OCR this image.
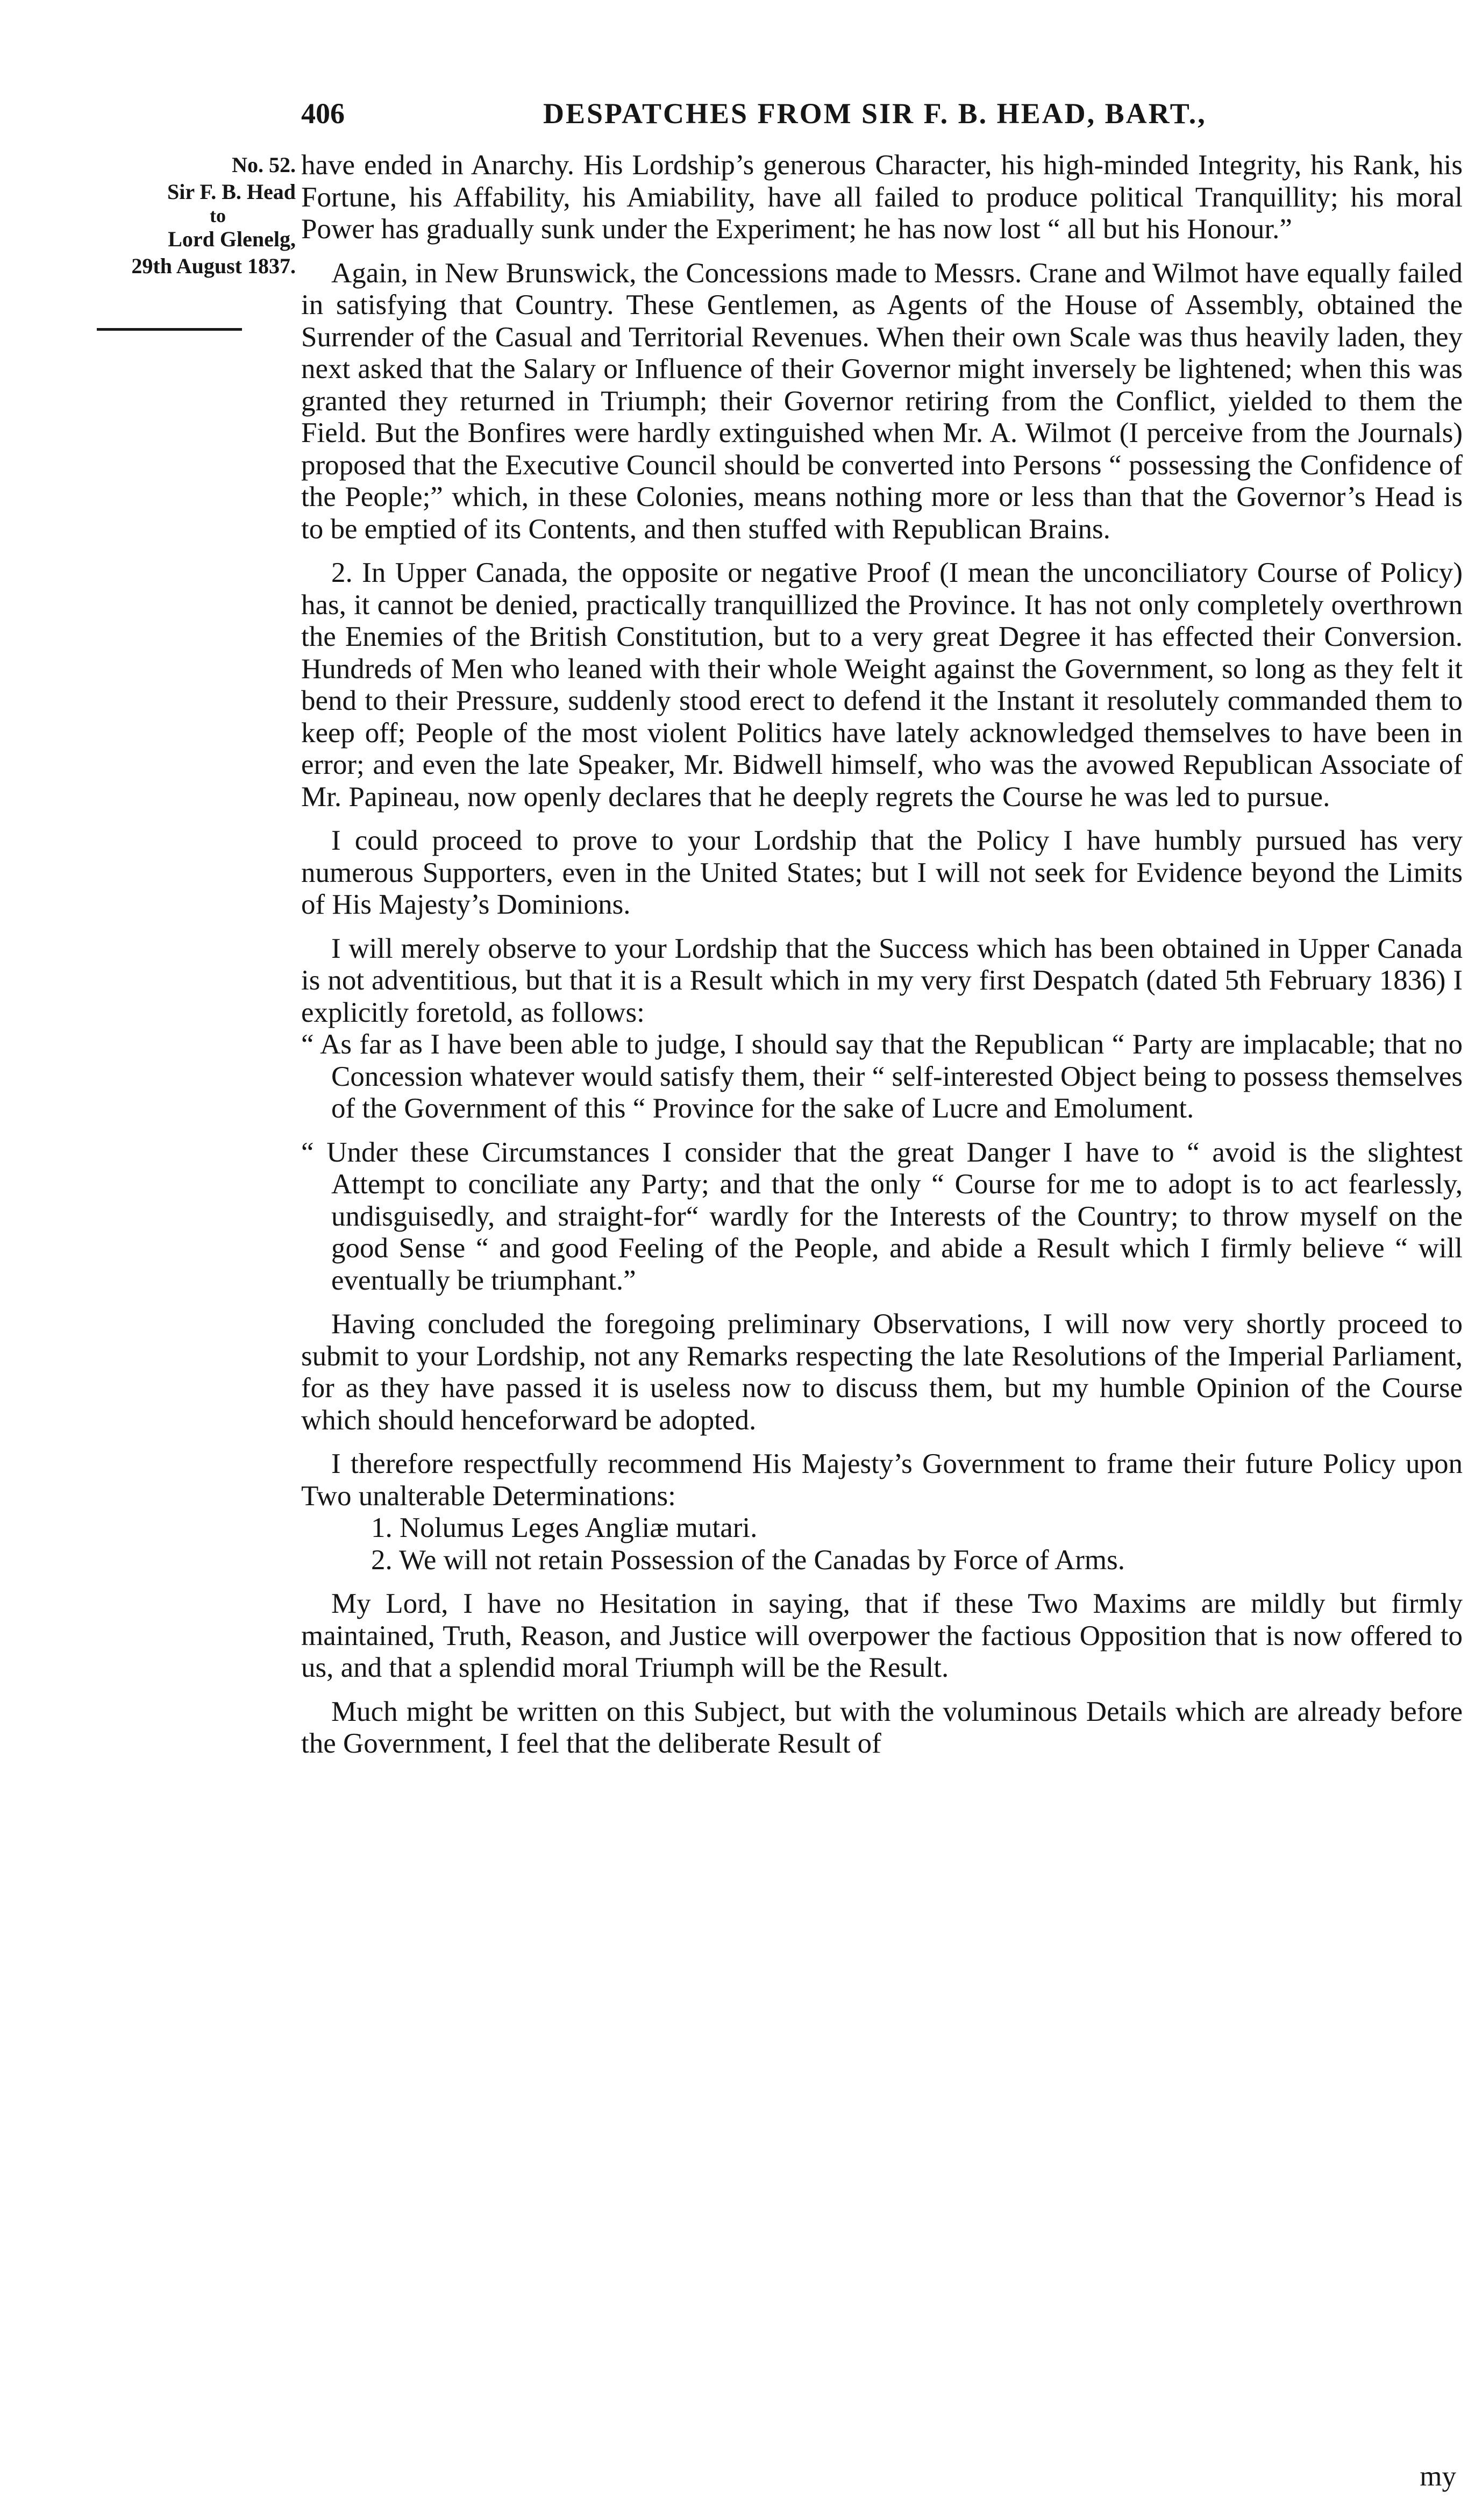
406	DESPATCHES FROM SIR F. B. HEAD, BART.,
No. 52.
Sir F. B. Head
to
Lord Glenelg,
29th August 1837.

have ended in Anarchy. His Lordship’s generous Character, his high-minded Integrity, his Rank, his Fortune, his Affability, his Amiability, have all failed to produce political Tranquillity; his moral Power has gradually sunk under the Experiment; he has now lost “ all but his Honour.”

Again, in New Brunswick, the Concessions made to Messrs. Crane and Wilmot have equally failed in satisfying that Country. These Gentlemen, as Agents of the House of Assembly, obtained the Surrender of the Casual and Territorial Revenues. When their own Scale was thus heavily laden, they next asked that the Salary or Influence of their Governor might inversely be lightened; when this was granted they returned in Triumph; their Governor retiring from the Conflict, yielded to them the Field. But the Bonfires were hardly extinguished when Mr. A. Wilmot (I perceive from the Journals) proposed that the Executive Council should be converted into Persons “ possessing the Confidence of the People;” which, in these Colonies, means nothing more or less than that the Governor’s Head is to be emptied of its Contents, and then stuffed with Republican Brains.

2. In Upper Canada, the opposite or negative Proof (I mean the unconciliatory Course of Policy) has, it cannot be denied, practically tranquillized the Province. It has not only completely overthrown the Enemies of the British Constitution, but to a very great Degree it has effected their Conversion. Hundreds of Men who leaned with their whole Weight against the Government, so long as they felt it bend to their Pressure, suddenly stood erect to defend it the Instant it resolutely commanded them to keep off; People of the most violent Politics have lately acknowledged themselves to have been in error; and even the late Speaker, Mr. Bidwell himself, who was the avowed Republican Associate of Mr. Papineau, now openly declares that he deeply regrets the Course he was led to pursue.

I could proceed to prove to your Lordship that the Policy I have humbly pursued has very numerous Supporters, even in the United States; but I will not seek for Evidence beyond the Limits of His Majesty’s Dominions.

I will merely observe to your Lordship that the Success which has been obtained in Upper Canada is not adventitious, but that it is a Result which in my very first Despatch (dated 5th February 1836) I explicitly foretold, as follows:

“ As far as I have been able to judge, I should say that the Republican “ Party are implacable; that no Concession whatever would satisfy them, their “ self-interested Object being to possess themselves of the Government of this “ Province for the sake of Lucre and Emolument.

“ Under these Circumstances I consider that the great Danger I have to “ avoid is the slightest Attempt to conciliate any Party; and that the only “ Course for me to adopt is to act fearlessly, undisguisedly, and straight-for“ wardly for the Interests of the Country; to throw myself on the good Sense “ and good Feeling of the People, and abide a Result which I firmly believe “ will eventually be triumphant.”

Having concluded the foregoing preliminary Observations, I will now very shortly proceed to submit to your Lordship, not any Remarks respecting the late Resolutions of the Imperial Parliament, for as they have passed it is useless now to discuss them, but my humble Opinion of the Course which should henceforward be adopted.

I therefore respectfully recommend His Majesty’s Government to frame their future Policy upon Two unalterable Determinations:

1. Nolumus Leges Angliæ mutari.

2. We will not retain Possession of the Canadas by Force of Arms.

My Lord, I have no Hesitation in saying, that if these Two Maxims are mildly but firmly maintained, Truth, Reason, and Justice will overpower the factious Opposition that is now offered to us, and that a splendid moral Triumph will be the Result.

Much might be written on this Subject, but with the voluminous Details which are already before the Government, I feel that the deliberate Result of

my
